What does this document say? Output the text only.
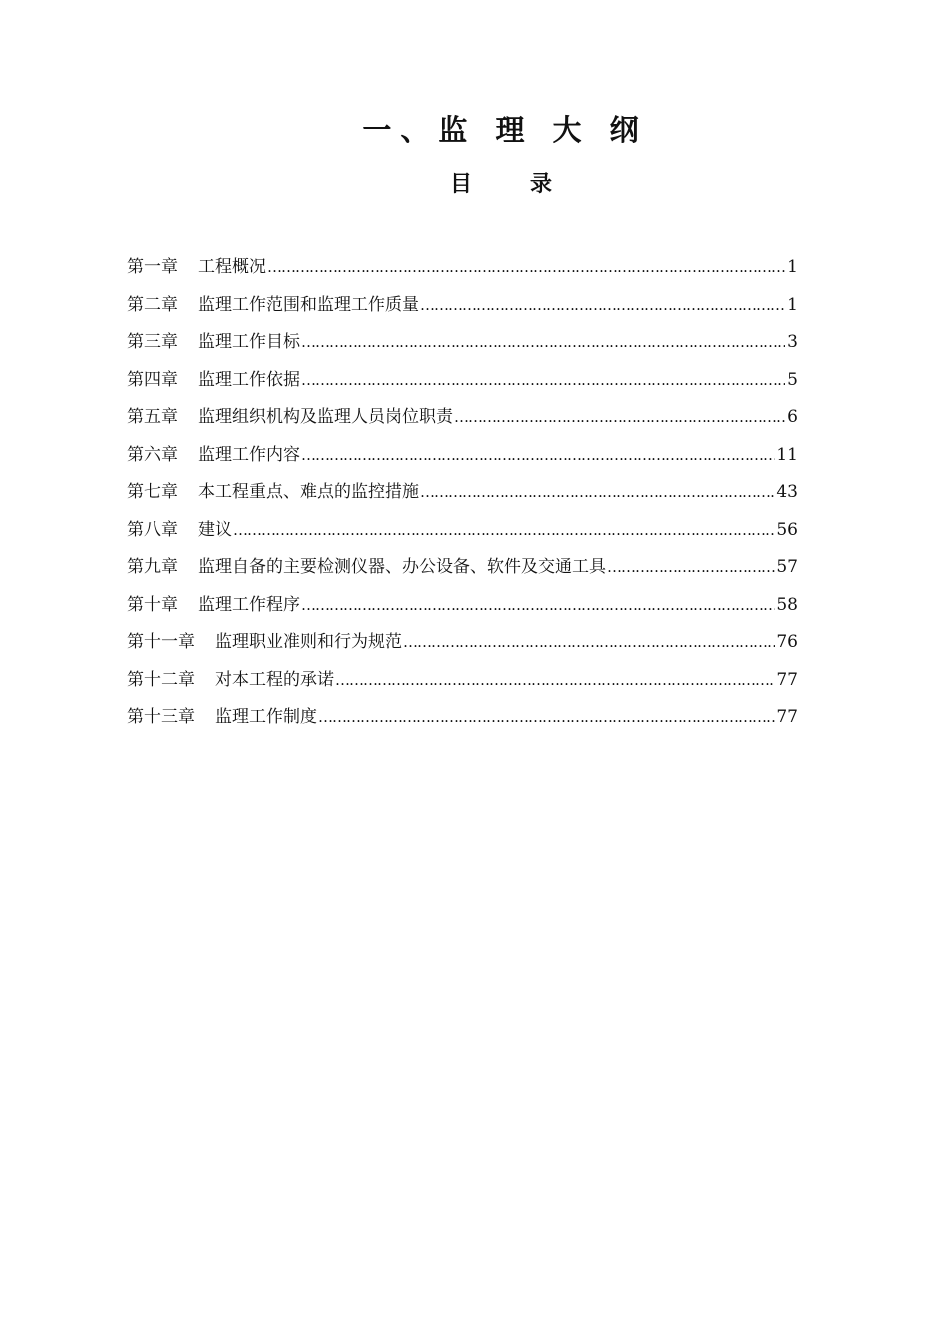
一、监 理 大 纲
目录
第一章 工程概况 …………………………………………………………………………………………………………………………………………………………………………	1
第二章 监理工作范围和监理工作质量 …………………………………………………………………………………………………………………………………………………………………………	1
第三章 监理工作目标 …………………………………………………………………………………………………………………………………………………………………………	3
第四章 监理工作依据 …………………………………………………………………………………………………………………………………………………………………………	5
第五章 监理组织机构及监理人员岗位职责 …………………………………………………………………………………………………………………………………………………………………………	6
第六章 监理工作内容 …………………………………………………………………………………………………………………………………………………………………………	11
第七章 本工程重点、难点的监控措施 …………………………………………………………………………………………………………………………………………………………………………	43
第八章 建议 …………………………………………………………………………………………………………………………………………………………………………	56
第九章 监理自备的主要检测仪器、办公设备、软件及交通工具 …………………………………………………………………………………………………………………………………………………………………………	57
第十章 监理工作程序 …………………………………………………………………………………………………………………………………………………………………………	58
第十一章 监理职业准则和行为规范 …………………………………………………………………………………………………………………………………………………………………………	76
第十二章 对本工程的承诺 …………………………………………………………………………………………………………………………………………………………………………	77
第十三章 监理工作制度 …………………………………………………………………………………………………………………………………………………………………………	77
